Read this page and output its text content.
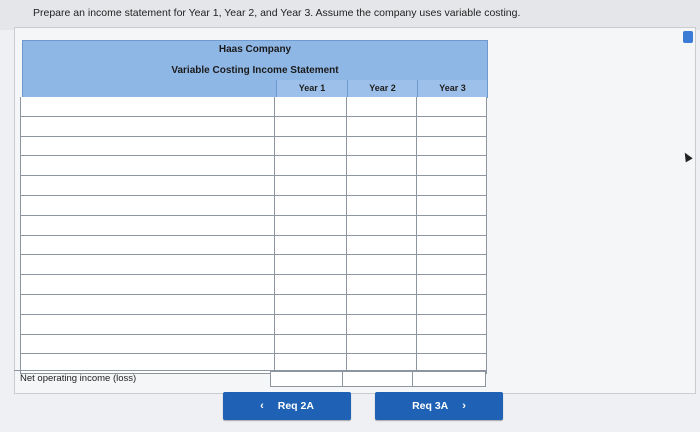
Prepare an income statement for Year 1, Year 2, and Year 3. Assume the company uses variable costing.
Haas Company
Variable Costing Income Statement
Year 1	Year 2	Year 3
Net operating income (loss)
‹ Req 2A	Req 3A ›
